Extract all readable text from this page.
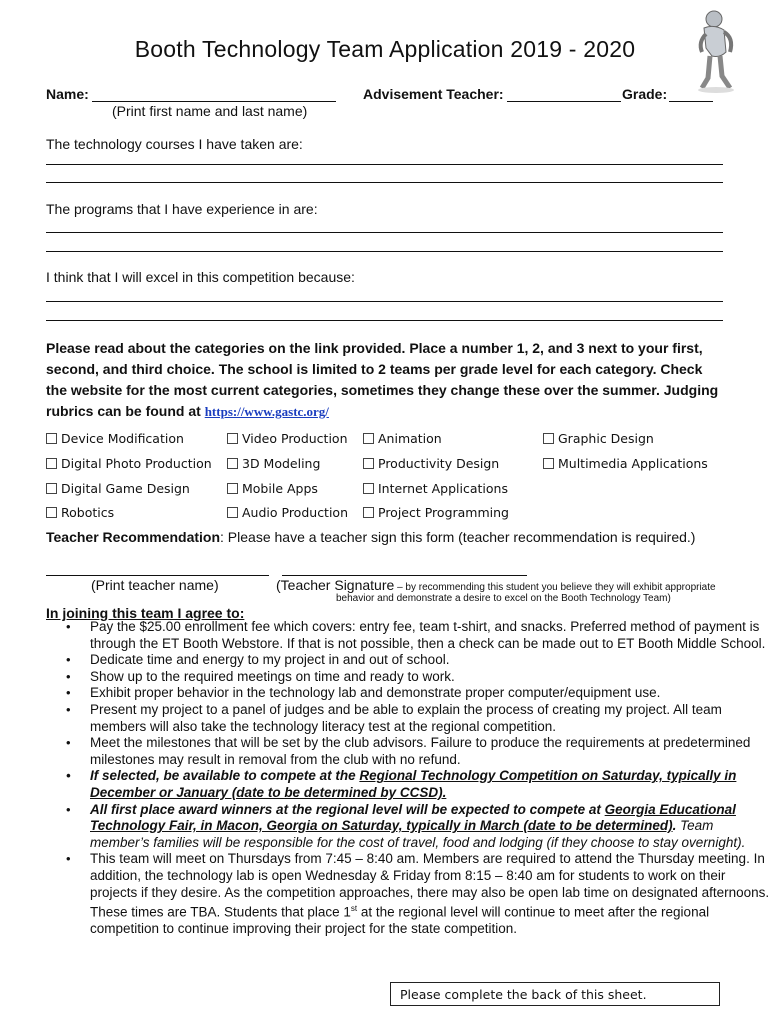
Booth Technology Team Application 2019 - 2020
Name:
(Print first name and last name)
Advisement Teacher:	Grade:
The technology courses I have taken are:
The programs that I have experience in are:
I think that I will excel in this competition because:
Please read about the categories on the link provided. Place a number 1, 2, and 3 next to your first, second, and third choice. The school is limited to 2 teams per grade level for each category. Check the website for the most current categories, sometimes they change these over the summer. Judging rubrics can be found at https://www.gastc.org/
Device Modification	Video Production	Animation	Graphic Design
Digital Photo Production	3D Modeling	Productivity Design	Multimedia Applications
Digital Game Design	Mobile Apps	Internet Applications
Robotics	Audio Production	Project Programming
Teacher Recommendation: Please have a teacher sign this form (teacher recommendation is required.)
(Print teacher name)	(Teacher Signature – by recommending this student you believe they will exhibit appropriate
behavior and demonstrate a desire to excel on the Booth Technology Team)
In joining this team I agree to:
• Pay the $25.00 enrollment fee which covers: entry fee, team t-shirt, and snacks. Preferred method of payment is through the ET Booth Webstore. If that is not possible, then a check can be made out to ET Booth Middle School.
• Dedicate time and energy to my project in and out of school.
• Show up to the required meetings on time and ready to work.
• Exhibit proper behavior in the technology lab and demonstrate proper computer/equipment use.
• Present my project to a panel of judges and be able to explain the process of creating my project. All team members will also take the technology literacy test at the regional competition.
• Meet the milestones that will be set by the club advisors. Failure to produce the requirements at predetermined milestones may result in removal from the club with no refund.
• If selected, be available to compete at the Regional Technology Competition on Saturday, typically in December or January (date to be determined by CCSD).
• All first place award winners at the regional level will be expected to compete at Georgia Educational Technology Fair, in Macon, Georgia on Saturday, typically in March (date to be determined). Team member’s families will be responsible for the cost of travel, food and lodging (if they choose to stay overnight).
• This team will meet on Thursdays from 7:45 – 8:40 am. Members are required to attend the Thursday meeting. In addition, the technology lab is open Wednesday & Friday from 8:15 – 8:40 am for students to work on their projects if they desire. As the competition approaches, there may also be open lab time on designated afternoons. These times are TBA. Students that place 1st at the regional level will continue to meet after the regional competition to continue improving their project for the state competition.
Please complete the back of this sheet.
